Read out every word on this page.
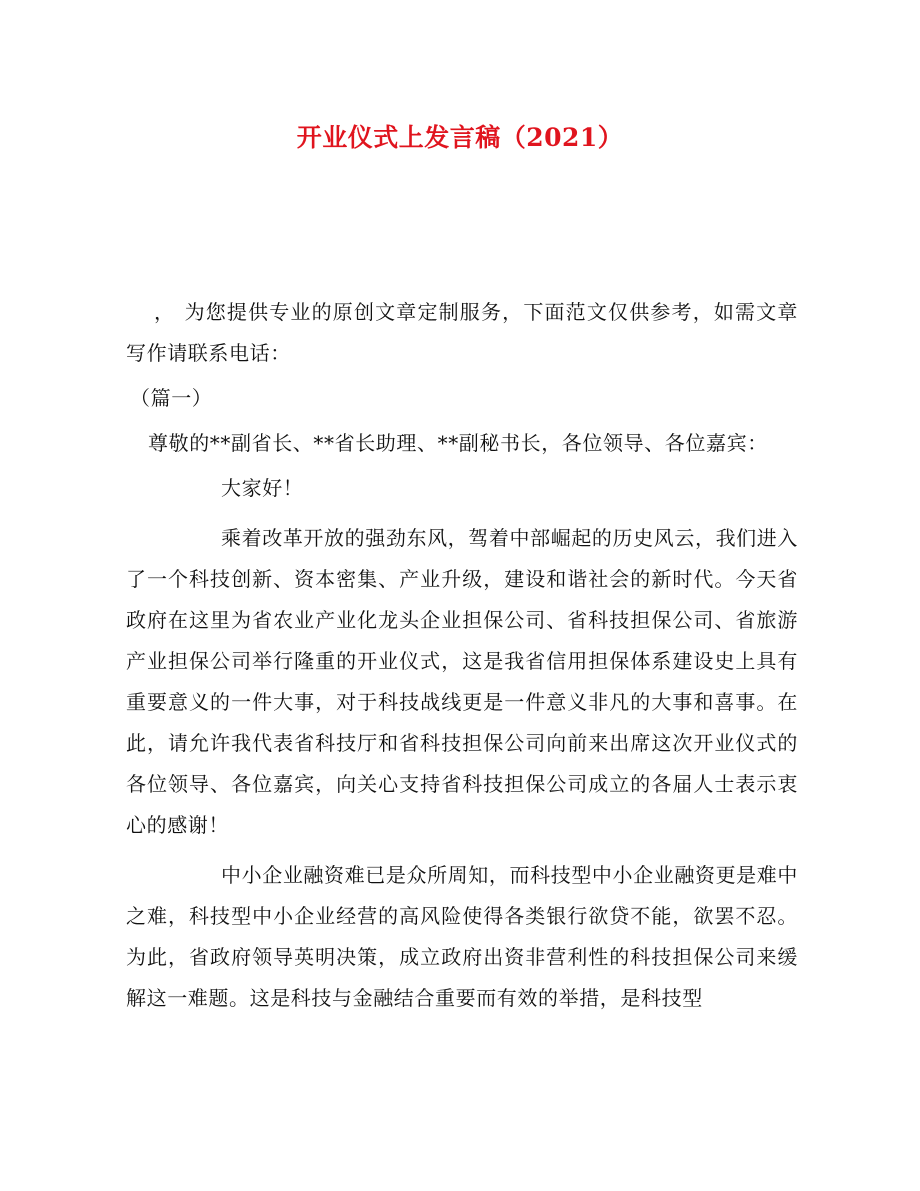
开业仪式上发言稿（2021）

， 为您提供专业的原创文章定制服务，下面范文仅供参考，如需文章写作请联系电话：

（篇一）

尊敬的**副省长、**省长助理、**副秘书长，各位领导、各位嘉宾：

大家好！

乘着改革开放的强劲东风，驾着中部崛起的历史风云，我们进入了一个科技创新、资本密集、产业升级，建设和谐社会的新时代。今天省政府在这里为省农业产业化龙头企业担保公司、省科技担保公司、省旅游产业担保公司举行隆重的开业仪式，这是我省信用担保体系建设史上具有重要意义的一件大事，对于科技战线更是一件意义非凡的大事和喜事。在此，请允许我代表省科技厅和省科技担保公司向前来出席这次开业仪式的各位领导、各位嘉宾，向关心支持省科技担保公司成立的各届人士表示衷心的感谢！

中小企业融资难已是众所周知，而科技型中小企业融资更是难中之难，科技型中小企业经营的高风险使得各类银行欲贷不能，欲罢不忍。为此，省政府领导英明决策，成立政府出资非营利性的科技担保公司来缓解这一难题。这是科技与金融结合重要而有效的举措，是科技型
